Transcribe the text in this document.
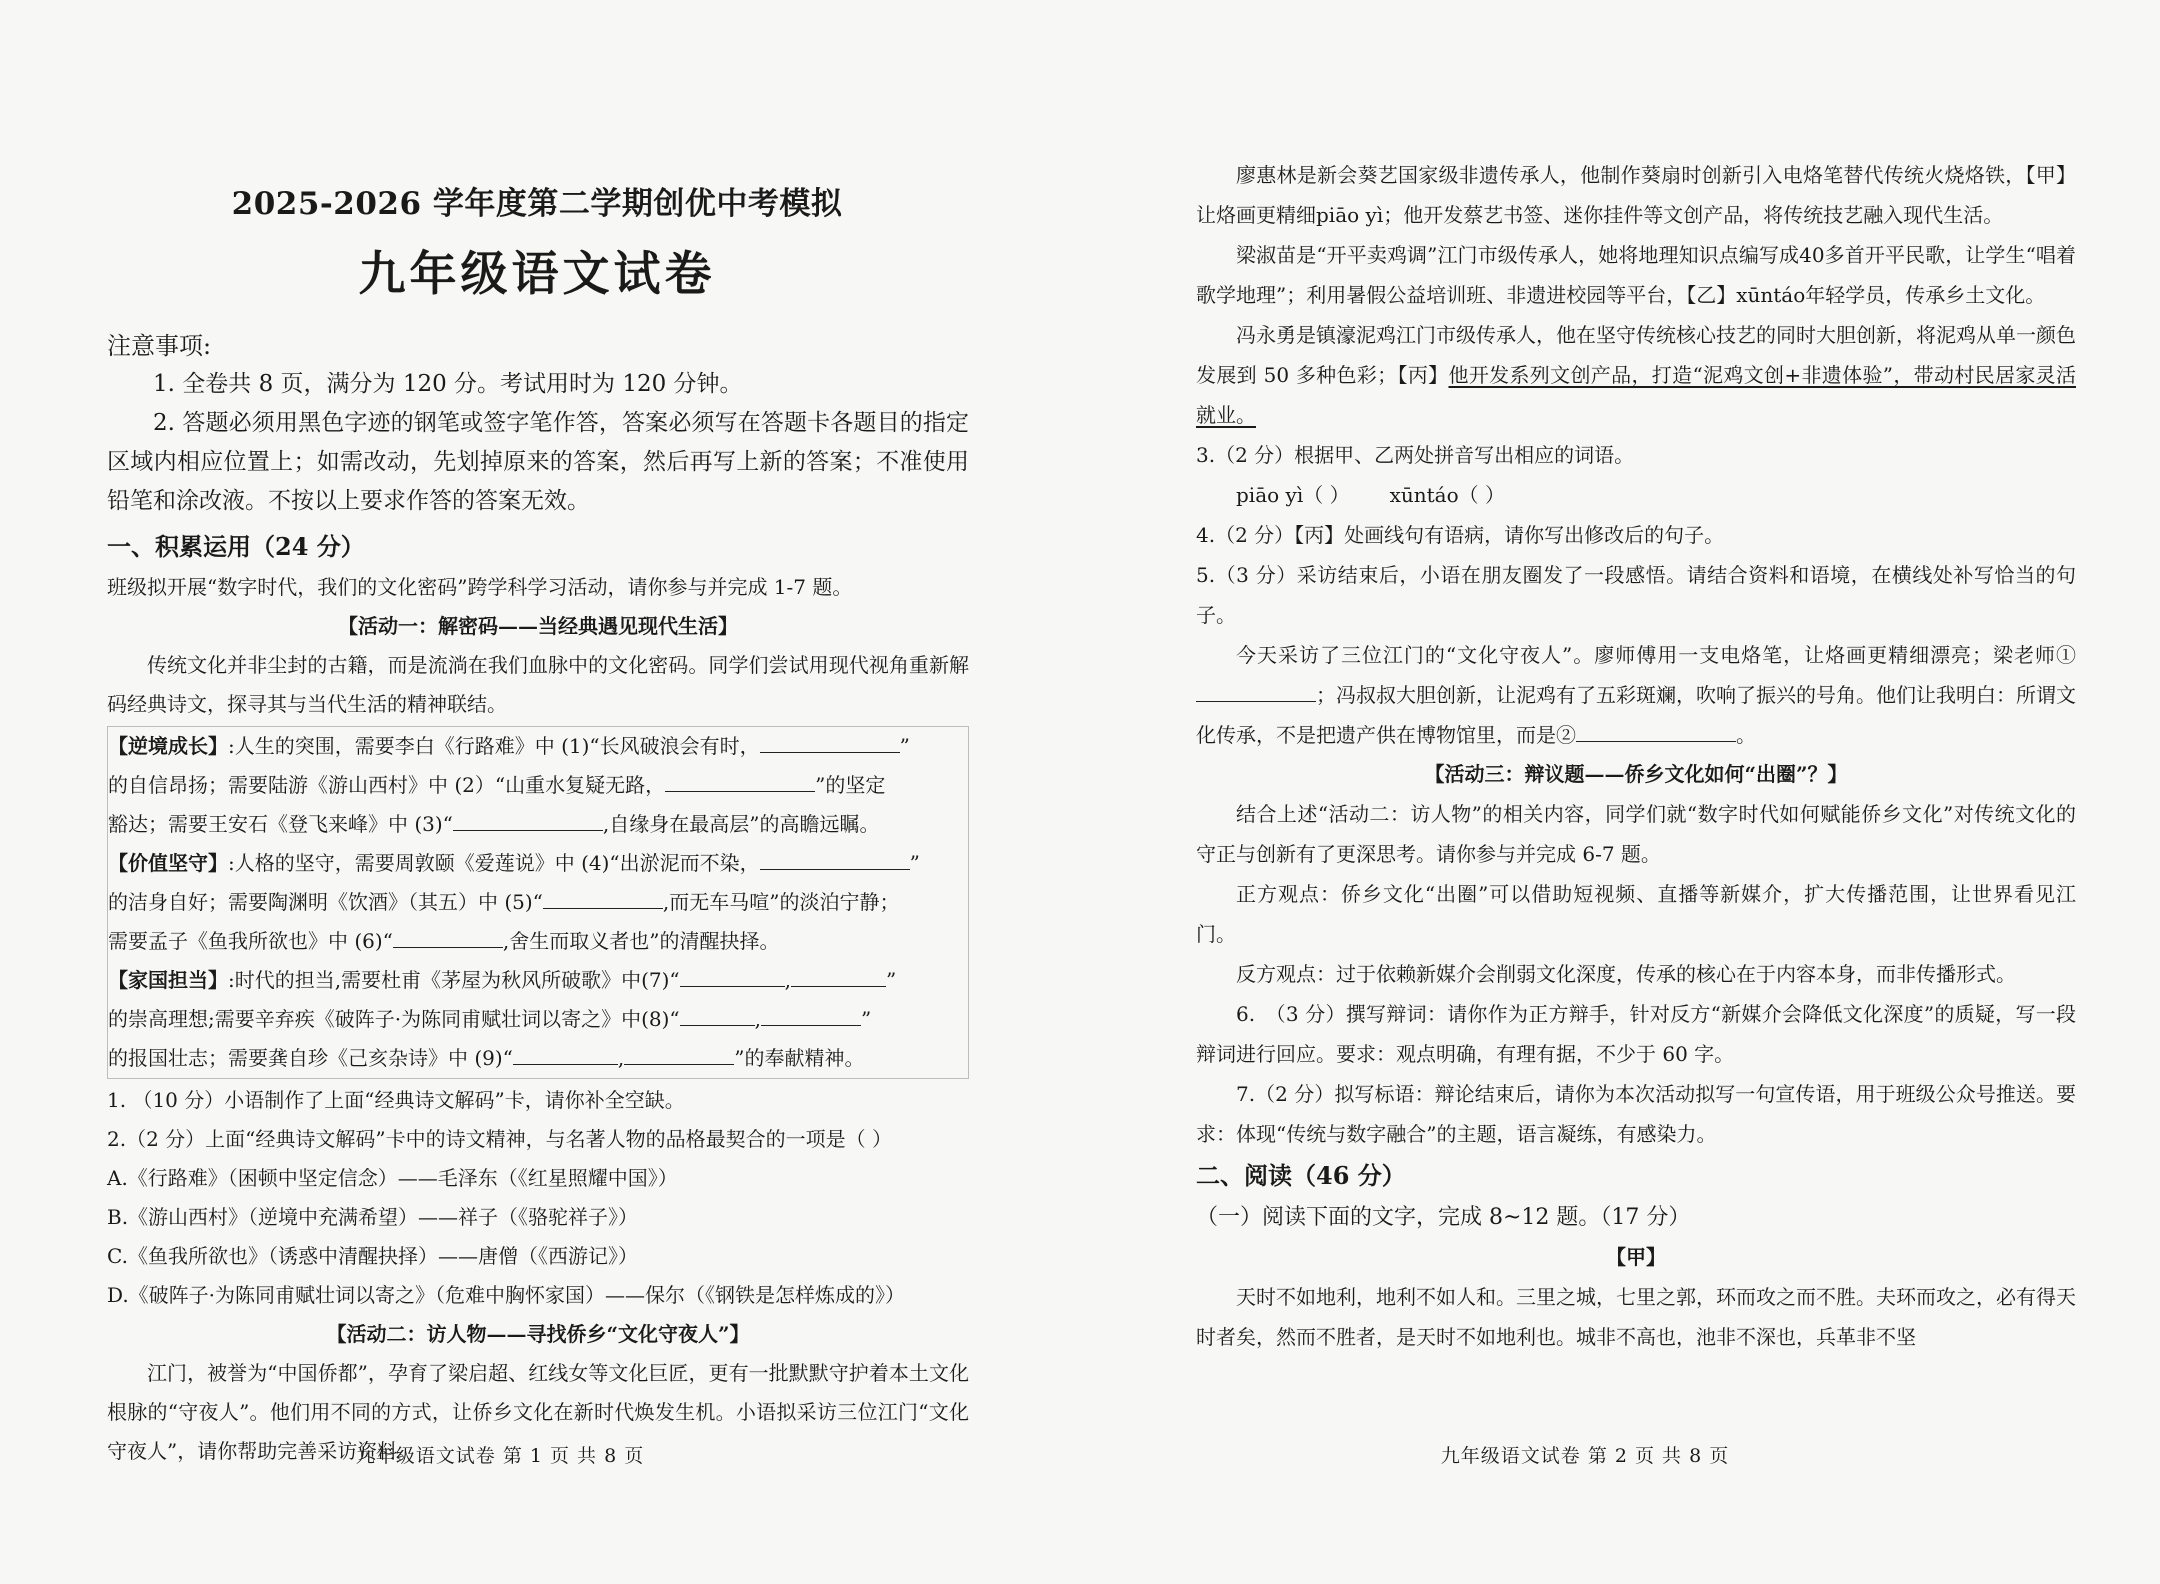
2025-2026 学年度第二学期创优中考模拟
九年级语文试卷
注意事项:

1. 全卷共 8 页，满分为 120 分。考试用时为 120 分钟。

2. 答题必须用黑色字迹的钢笔或签字笔作答，答案必须写在答题卡各题目的指定区域内相应位置上；如需改动，先划掉原来的答案，然后再写上新的答案；不准使用铅笔和涂改液。不按以上要求作答的答案无效。

一、积累运用（24 分）

班级拟开展“数字时代，我们的文化密码”跨学科学习活动，请你参与并完成 1-7 题。

【活动一：解密码——当经典遇见现代生活】

传统文化并非尘封的古籍，而是流淌在我们血脉中的文化密码。同学们尝试用现代视角重新解码经典诗文，探寻其与当代生活的精神联结。

【逆境成长】:人生的突围，需要李白《行路难》中 (1)“长风破浪会有时，	”

的自信昂扬；需要陆游《游山西村》中 (2）“山重水复疑无路，	”的坚定

豁达；需要王安石《登飞来峰》中 (3)“	,自缘身在最高层”的高瞻远瞩。

【价值坚守】:人格的坚守，需要周敦颐《爱莲说》中 (4)“出淤泥而不染，	”

的洁身自好；需要陶渊明《饮酒》（其五）中 (5)“	,而无车马喧”的淡泊宁静；

需要孟子《鱼我所欲也》中 (6)“	,舍生而取义者也”的清醒抉择。

【家国担当】:时代的担当,需要杜甫《茅屋为秋风所破歌》中(7)“	,	”

的崇高理想;需要辛弃疾《破阵子·为陈同甫赋壮词以寄之》中(8)“	,	”

的报国壮志；需要龚自珍《己亥杂诗》中 (9)“	,	”的奉献精神。

1. （10 分）小语制作了上面“经典诗文解码”卡，请你补全空缺。

2.（2 分）上面“经典诗文解码”卡中的诗文精神，与名著人物的品格最契合的一项是（ ）

A.《行路难》（困顿中坚定信念）——毛泽东（《红星照耀中国》）

B.《游山西村》（逆境中充满希望）——祥子（《骆驼祥子》）

C.《鱼我所欲也》（诱惑中清醒抉择）——唐僧（《西游记》）

D.《破阵子·为陈同甫赋壮词以寄之》（危难中胸怀家国）——保尔（《钢铁是怎样炼成的》）

【活动二：访人物——寻找侨乡“文化守夜人”】

江门，被誉为“中国侨都”，孕育了梁启超、红线女等文化巨匠，更有一批默默守护着本土文化根脉的“守夜人”。他们用不同的方式，让侨乡文化在新时代焕发生机。小语拟采访三位江门“文化守夜人”，请你帮助完善采访资料。

九年级语文试卷 第 1 页 共 8 页

廖惠林是新会葵艺国家级非遗传承人，他制作葵扇时创新引入电烙笔替代传统火烧烙铁，【甲】让烙画更精细piāo yì；他开发蔡艺书签、迷你挂件等文创产品，将传统技艺融入现代生活。

梁淑苗是“开平卖鸡调”江门市级传承人，她将地理知识点编写成40多首开平民歌，让学生“唱着歌学地理”；利用暑假公益培训班、非遗进校园等平台，【乙】xūntáo年轻学员，传承乡土文化。

冯永勇是镇濠泥鸡江门市级传承人，他在坚守传统核心技艺的同时大胆创新，将泥鸡从单一颜色发展到 50 多种色彩；【丙】他开发系列文创产品，打造“泥鸡文创+非遗体验”，带动村民居家灵活就业。

3.（2 分）根据甲、乙两处拼音写出相应的词语。

piāo yì（ ） xūntáo（ ）

4.（2 分）【丙】处画线句有语病，请你写出修改后的句子。

5.（3 分）采访结束后，小语在朋友圈发了一段感悟。请结合资料和语境，在横线处补写恰当的句子。

今天采访了三位江门的“文化守夜人”。廖师傅用一支电烙笔，让烙画更精细漂亮；梁老师①；冯叔叔大胆创新，让泥鸡有了五彩斑斓，吹响了振兴的号角。他们让我明白：所谓文化传承，不是把遗产供在博物馆里，而是②	。

【活动三：辩议题——侨乡文化如何“出圈”？】

结合上述“活动二：访人物”的相关内容，同学们就“数字时代如何赋能侨乡文化”对传统文化的守正与创新有了更深思考。请你参与并完成 6-7 题。

正方观点：侨乡文化“出圈”可以借助短视频、直播等新媒介，扩大传播范围，让世界看见江门。

反方观点：过于依赖新媒介会削弱文化深度，传承的核心在于内容本身，而非传播形式。

6.　（3 分）撰写辩词：请你作为正方辩手，针对反方“新媒介会降低文化深度”的质疑，写一段辩词进行回应。要求：观点明确，有理有据，不少于 60 字。

7.（2 分）拟写标语：辩论结束后，请你为本次活动拟写一句宣传语，用于班级公众号推送。要求：体现“传统与数字融合”的主题，语言凝练，有感染力。

二、阅读（46 分）

（一）阅读下面的文字，完成 8~12 题。（17 分）

【甲】

天时不如地利，地利不如人和。三里之城，七里之郭，环而攻之而不胜。夫环而攻之，必有得天时者矣，然而不胜者，是天时不如地利也。城非不高也，池非不深也，兵革非不坚

九年级语文试卷 第 2 页 共 8 页
